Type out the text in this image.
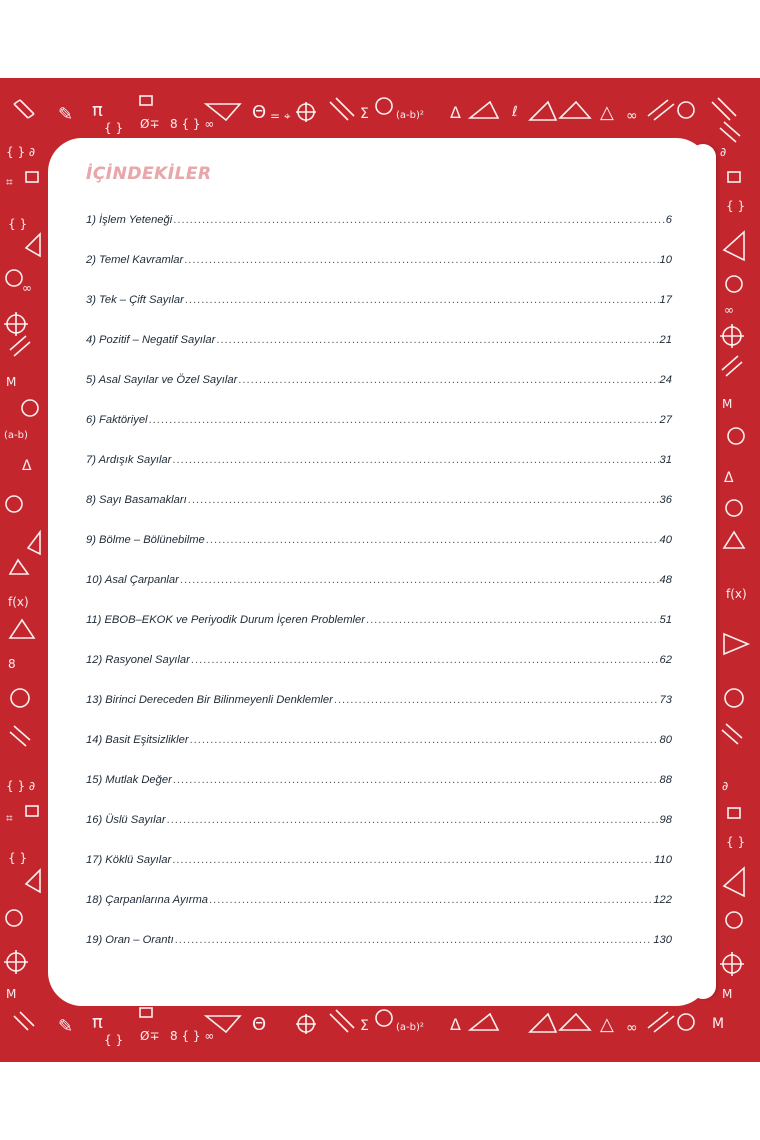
✎ π
{ } Ø∓ 8 { } ∞
Θ = ⌖	Σ	(a-b)² Δ	ℓ	△ ∞
✎ π
{ } Ø∓ 8 { } ∞
Θ	Σ	(a-b)² Δ	△ ∞	M
{ } ∂
⌗
{ }
∞
M
(a-b)
Δ
f(x)
8
{ } ∂
⌗
{ }
M
∂
{ }
∞
M
Δ
f(x)
∂
{ }
M
İÇİNDEKİLER
1) İşlem Yeteneği .....	6
2) Temel Kavramlar .....	10
3) Tek – Çift Sayılar .....	17
4) Pozitif – Negatif Sayılar .....	21
5) Asal Sayılar ve Özel Sayılar .....	24
6) Faktöriyel .....	27
7) Ardışık Sayılar .....	31
8) Sayı Basamakları .....	36
9) Bölme – Bölünebilme .....	40
10) Asal Çarpanlar .....	48
11) EBOB–EKOK ve Periyodik Durum İçeren Problemler .....	51
12) Rasyonel Sayılar .....	62
13) Birinci Dereceden Bir Bilinmeyenli Denklemler .....	73
14) Basit Eşitsizlikler .....	80
15) Mutlak Değer .....	88
16) Üslü Sayılar .....	98
17) Köklü Sayılar .....	110
18) Çarpanlarına Ayırma .....	122
19) Oran – Orantı .....	130
